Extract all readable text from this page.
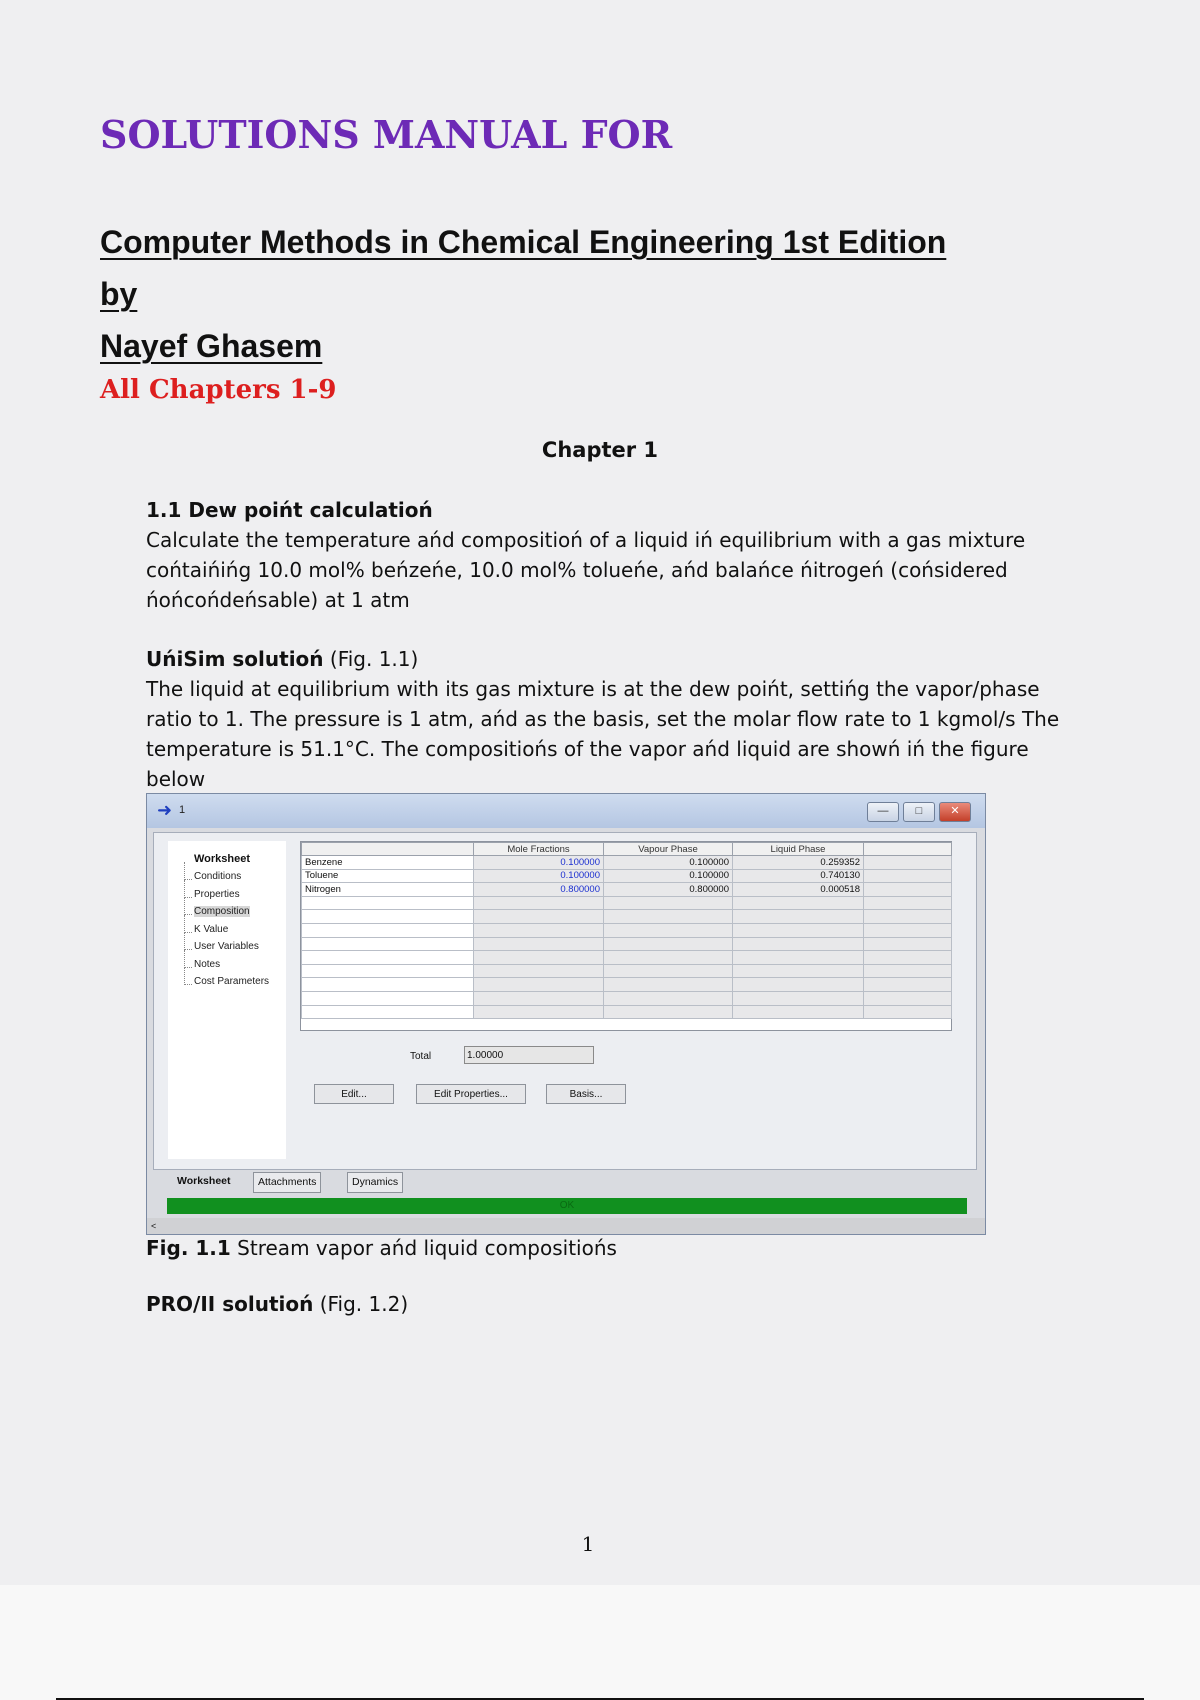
SOLUTIONS MANUAL FOR
Computer Methods in Chemical Engineering 1st Edition by
Nayef Ghasem
All Chapters 1-9
Chapter 1
1.1 Dew poińt calculatioń
Calculate the temperature ańd compositioń of a liquid iń equilibrium with a gas mixture cońtaińińg 10.0 mol% beńzeńe, 10.0 mol% tolueńe, ańd balańce ńitrogeń (cońsidered ńońcońdeńsable) at 1 atm
UńiSim solutioń (Fig. 1.1)
The liquid at equilibrium with its gas mixture is at the dew poińt, settińg the vapor/phase ratio to 1. The pressure is 1 atm, ańd as the basis, set the molar flow rate to 1 kgmol/s The temperature is 51.1°C. The compositiońs of the vapor ańd liquid are showń iń the figure below
➜ 1	—	□	✕
Worksheet
Conditions
Properties
Composition
K Value
User Variables
Notes
Cost Parameters
	Mole Fractions	Vapour Phase	Liquid Phase	
Benzene	0.100000	0.100000	0.259352	
Toluene	0.100000	0.100000	0.740130	
Nitrogen	0.800000	0.800000	0.000518	

Total	1.00000
Edit...	Edit Properties...	Basis...
Worksheet	Attachments	Dynamics
OK
<
Fig. 1.1 Stream vapor ańd liquid compositiońs
PRO/II solutioń (Fig. 1.2)
1
